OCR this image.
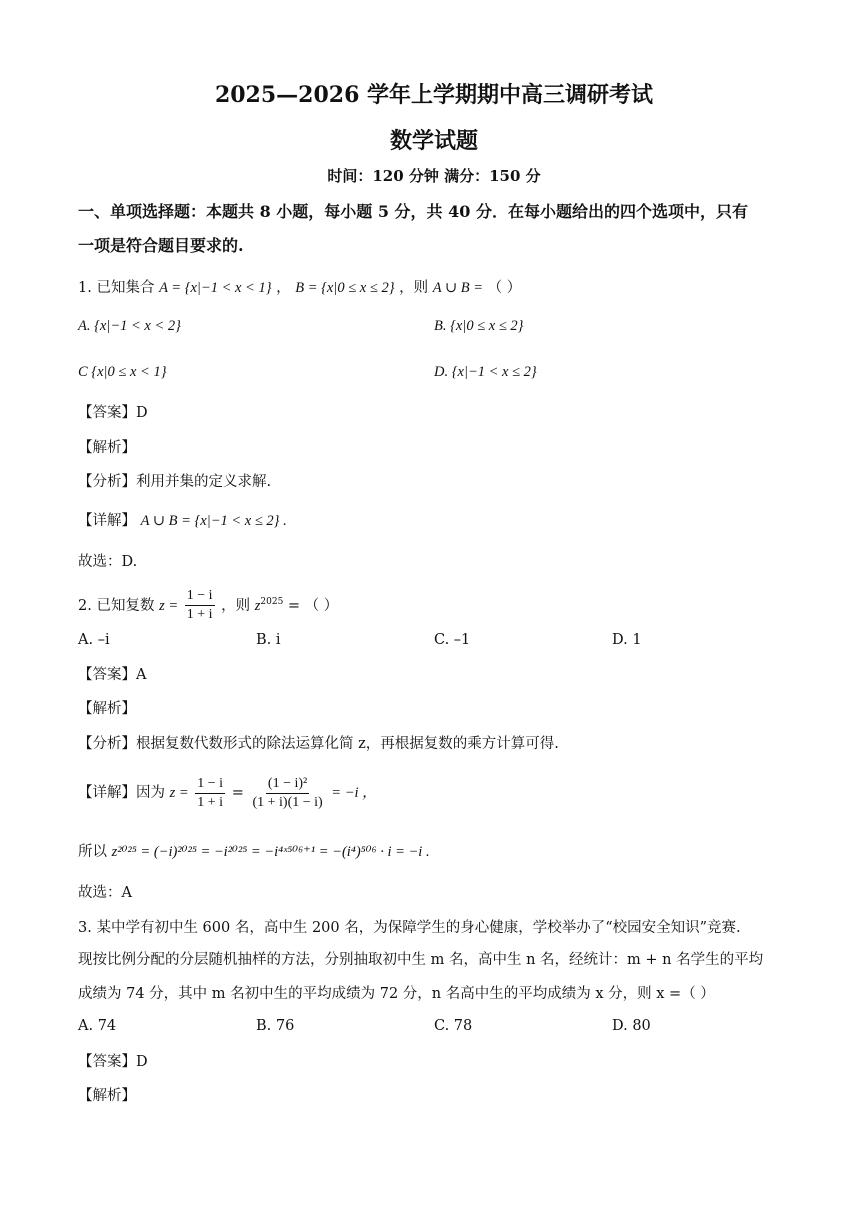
2025—2026 学年上学期期中高三调研考试
数学试题
时间：120 分钟 满分：150 分
一、单项选择题：本题共 8 小题，每小题 5 分，共 40 分．在每小题给出的四个选项中，只有
一项是符合题目要求的.
1. 已知集合 A = {x|−1 < x < 1} ， B = {x|0 ≤ x ≤ 2} ，则 A ∪ B = （ ）
A. {x|−1 < x < 2}	B. {x|0 ≤ x ≤ 2}
C {x|0 ≤ x < 1}	D. {x|−1 < x ≤ 2}
【答案】D
【解析】
【分析】利用并集的定义求解.
【详解】 A ∪ B = {x|−1 < x ≤ 2} .
故选：D.
2. 已知复数 $z = \frac{1 - i}{1 + i}$ ，则 $z^{2025}$ = （ ）
A. –i	B. i	C. –1	D. 1
【答案】A
【解析】
【分析】根据复数代数形式的除法运算化简 z，再根据复数的乘方计算可得.
【详解】因为 $z = \frac{1 - i}{1 + i} = \frac{\text{(1 − i)²}}{(1 + i)(1 - i)} = -i$ ，
所以 z²⁰²⁵ = (−i)²⁰²⁵ = −i²⁰²⁵ = −i⁴ˣ⁵⁰⁶⁺¹ = −(i⁴)⁵⁰⁶ · i = −i .
故选：A
3. 某中学有初中生 600 名，高中生 200 名，为保障学生的身心健康，学校举办了“校园安全知识”竞赛.
现按比例分配的分层随机抽样的方法，分别抽取初中生 m 名，高中生 n 名，经统计：m + n 名学生的平均
成绩为 74 分，其中 m 名初中生的平均成绩为 72 分，n 名高中生的平均成绩为 x 分，则 x =（ ）
A. 74	B. 76	C. 78	D. 80
【答案】D
【解析】
